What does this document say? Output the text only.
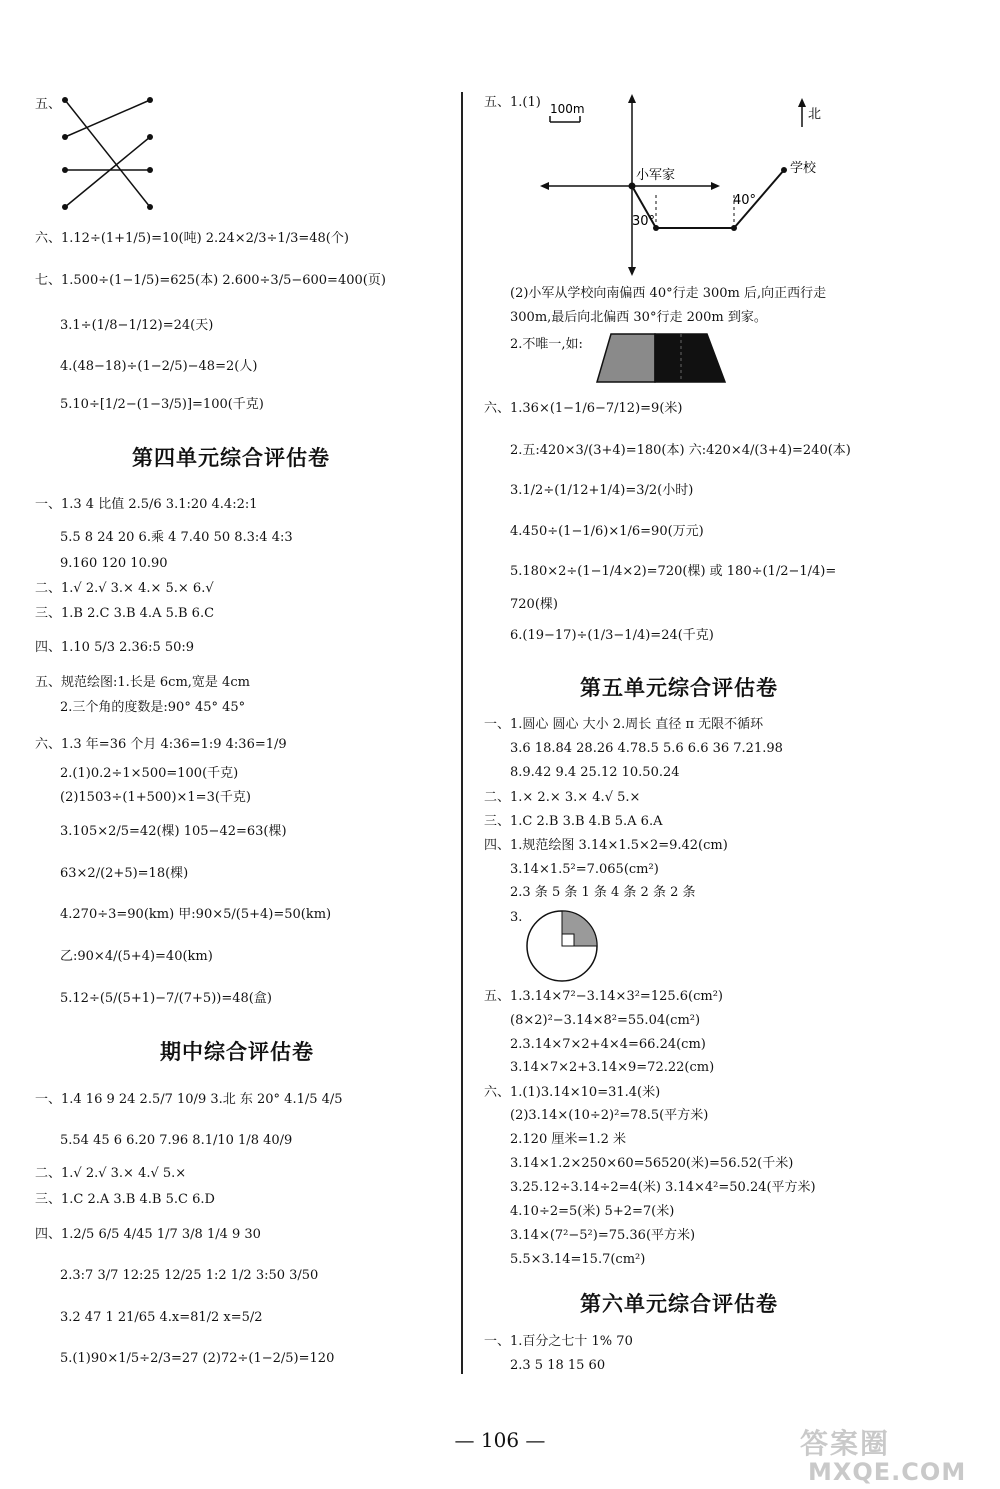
五、
六、1.12÷(1+1/5)=10(吨) 2.24×2/3÷1/3=48(个)
七、1.500÷(1−1/5)=625(本) 2.600÷3/5−600=400(页)
3.1÷(1/8−1/12)=24(天)
4.(48−18)÷(1−2/5)−48=2(人)
5.10÷[1/2−(1−3/5)]=100(千克)
第四单元综合评估卷
一、1.3 4 比值 2.5/6 3.1:20 4.4:2:1
5.5 8 24 20 6.乘 4 7.40 50 8.3:4 4:3
9.160 120 10.90
二、1.√ 2.√ 3.× 4.× 5.× 6.√
三、1.B 2.C 3.B 4.A 5.B 6.C
四、1.10 5/3 2.36:5 50:9
五、规范绘图:1.长是 6cm,宽是 4cm
2.三个角的度数是:90° 45° 45°
六、1.3 年=36 个月 4:36=1:9 4:36=1/9
2.(1)0.2÷1×500=100(千克)
(2)1503÷(1+500)×1=3(千克)
3.105×2/5=42(棵) 105−42=63(棵)
63×2/(2+5)=18(棵)
4.270÷3=90(km) 甲:90×5/(5+4)=50(km)
乙:90×4/(5+4)=40(km)
5.12÷(5/(5+1)−7/(7+5))=48(盒)
期中综合评估卷
一、1.4 16 9 24 2.5/7 10/9 3.北 东 20° 4.1/5 4/5
5.54 45 6 6.20 7.96 8.1/10 1/8 40/9
二、1.√ 2.√ 3.× 4.√ 5.×
三、1.C 2.A 3.B 4.B 5.C 6.D
四、1.2/5 6/5 4/45 1/7 3/8 1/4 9 30
2.3:7 3/7 12:25 12/25 1:2 1/2 3:50 3/50
3.2 47 1 21/65 4.x=81/2 x=5/2
5.(1)90×1/5÷2/3=27 (2)72÷(1−2/5)=120
五、1.(1) 100m	北
小军家	学校
40°
30°
(2)小军从学校向南偏西 40°行走 300m 后,向正西行走
300m,最后向北偏西 30°行走 200m 到家。
2.不唯一,如:
六、1.36×(1−1/6−7/12)=9(米)
2.五:420×3/(3+4)=180(本) 六:420×4/(3+4)=240(本)
3.1/2÷(1/12+1/4)=3/2(小时)
4.450÷(1−1/6)×1/6=90(万元)
5.180×2÷(1−1/4×2)=720(棵) 或 180÷(1/2−1/4)=
720(棵)
6.(19−17)÷(1/3−1/4)=24(千克)
第五单元综合评估卷
一、1.圆心 圆心 大小 2.周长 直径 π 无限不循环
3.6 18.84 28.26 4.78.5 5.6 6.6 36 7.21.98
8.9.42 9.4 25.12 10.50.24
二、1.× 2.× 3.× 4.√ 5.×
三、1.C 2.B 3.B 4.B 5.A 6.A
四、1.规范绘图 3.14×1.5×2=9.42(cm)
3.14×1.5²=7.065(cm²)
2.3 条 5 条 1 条 4 条 2 条 2 条
3.
五、1.3.14×7²−3.14×3²=125.6(cm²)
(8×2)²−3.14×8²=55.04(cm²)
2.3.14×7×2+4×4=66.24(cm)
3.14×7×2+3.14×9=72.22(cm)
六、1.(1)3.14×10=31.4(米)
(2)3.14×(10÷2)²=78.5(平方米)
2.120 厘米=1.2 米
3.14×1.2×250×60=56520(米)=56.52(千米)
3.25.12÷3.14÷2=4(米) 3.14×4²=50.24(平方米)
4.10÷2=5(米) 5+2=7(米)
3.14×(7²−5²)=75.36(平方米)
5.5×3.14=15.7(cm²)
第六单元综合评估卷
一、1.百分之七十 1% 70
2.3 5 18 15 60
— 106 —	答案圈
MXQE.COM
